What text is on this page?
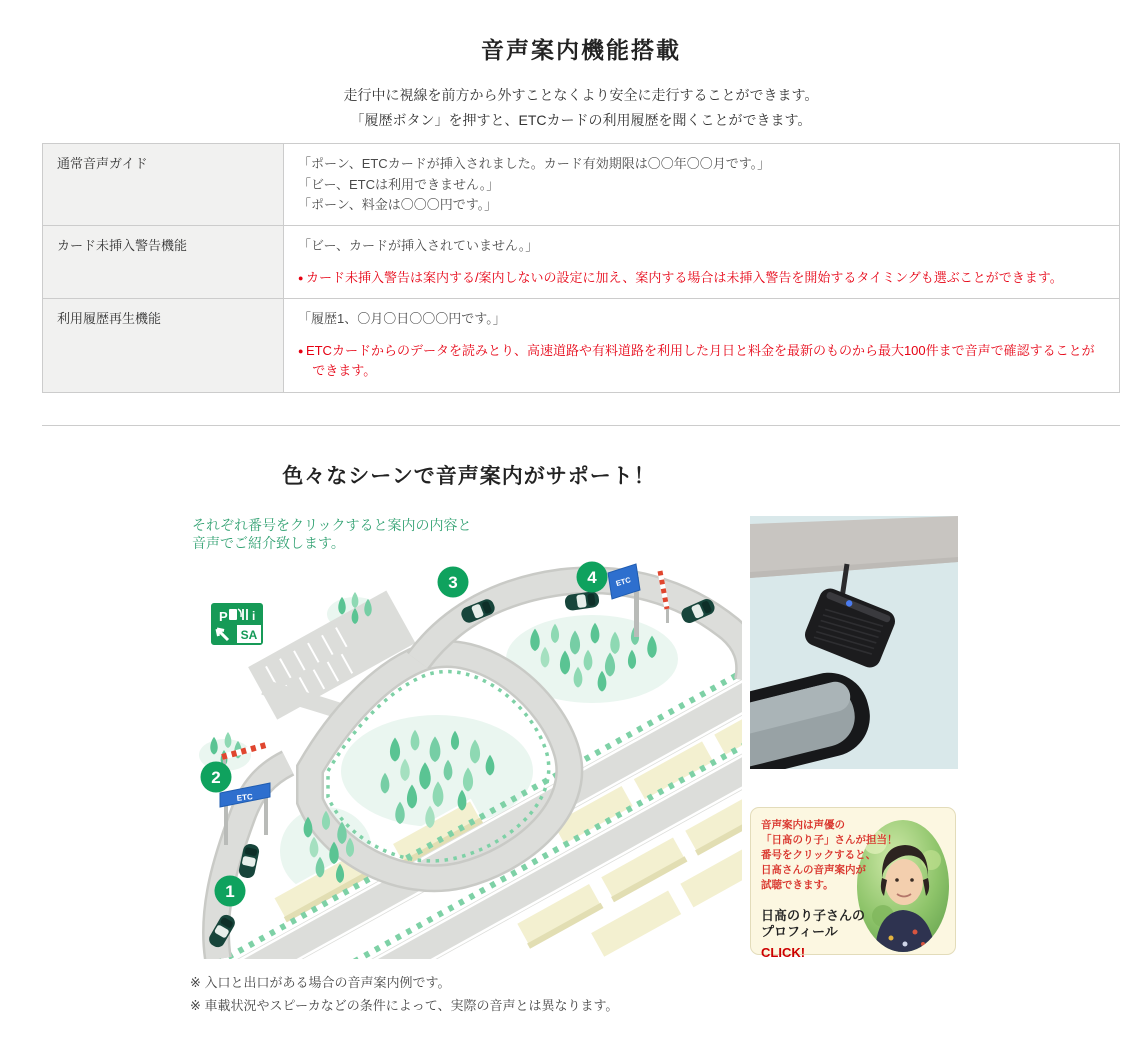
音声案内機能搭載
走行中に視線を前方から外すことなくより安全に走行することができます。
「履歴ボタン」を押すと、ETCカードの利用履歴を聞くことができます。
通常音声ガイド	「ポーン、ETCカードが挿入されました。カード有効期限は〇〇年〇〇月です。」

「ビー、ETCは利用できません。」

「ポーン、料金は〇〇〇円です。」

カード未挿入警告機能	「ビー、カードが挿入されていません。」

● カード未挿入警告は案内する/案内しないの設定に加え、案内する場合は未挿入警告を開始するタイミングも選ぶことができます。

利用履歴再生機能	「履歴1、〇月〇日〇〇〇円です。」

● ETCカードからのデータを読みとり、高速道路や有料道路を利用した月日と料金を最新のものから最大100件まで音声で確認することができます。

色々なシーンで音声案内がサポート！

それぞれ番号をクリックすると案内の内容と
音声でご紹介致します。

P i
SA
ETC
ETC
1
2
3	4

音声案内は声優の
「日髙のり子」さんが担当！
番号をクリックすると、
日髙さんの音声案内が
試聴できます。

日髙のり子さんの
プロフィール

CLICK!

※ 入口と出口がある場合の音声案内例です。

※ 車載状況やスピーカなどの条件によって、実際の音声とは異なります。
